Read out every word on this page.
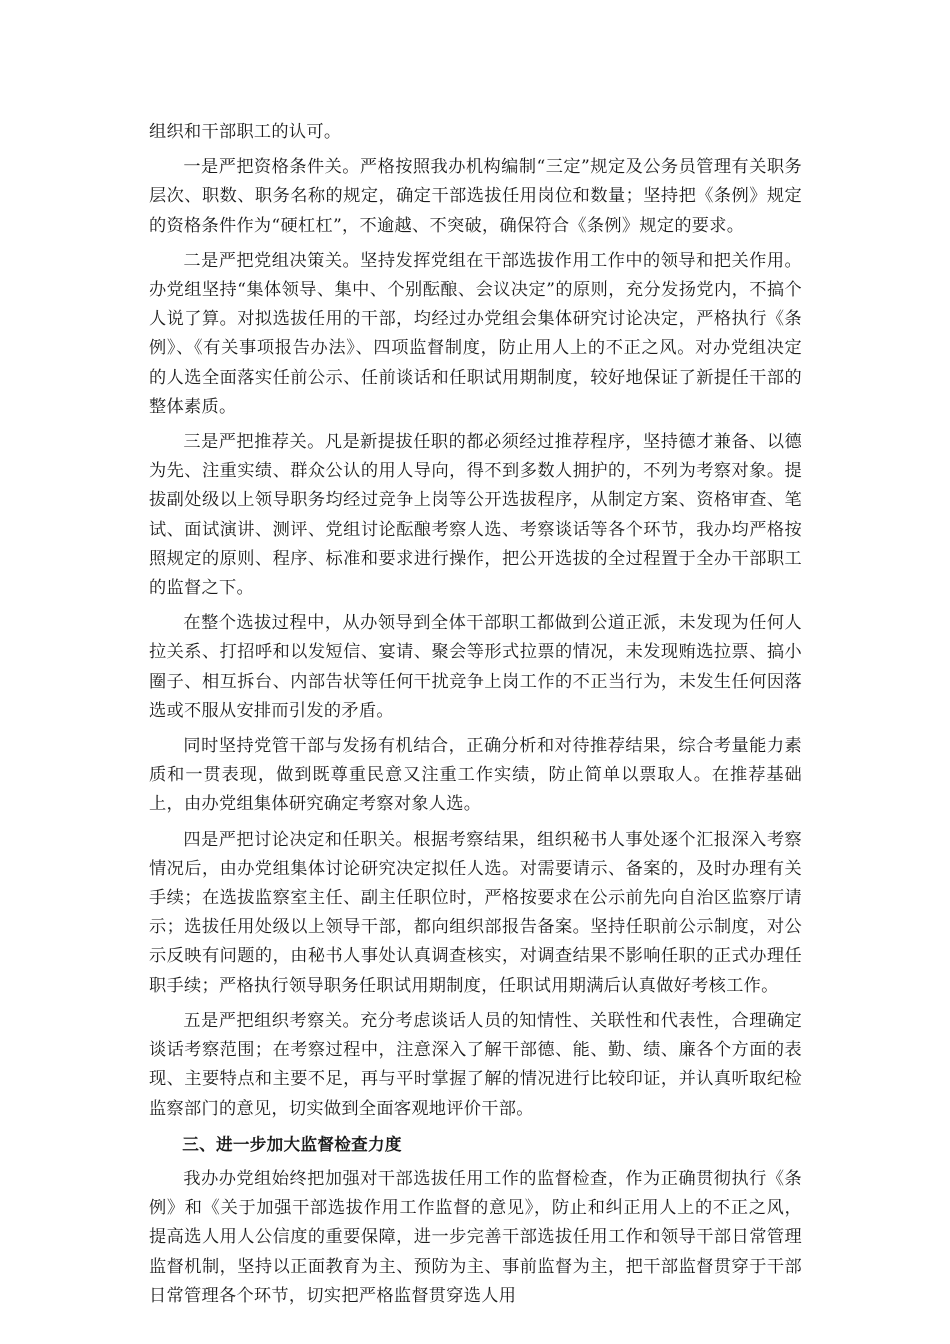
组织和干部职工的认可。

一是严把资格条件关。严格按照我办机构编制“三定”规定及公务员管理有关职务层次、职数、职务名称的规定，确定干部选拔任用岗位和数量；坚持把《条例》规定的资格条件作为“硬杠杠”，不逾越、不突破，确保符合《条例》规定的要求。

二是严把党组决策关。坚持发挥党组在干部选拔作用工作中的领导和把关作用。办党组坚持“集体领导、集中、个别酝酿、会议决定”的原则，充分发扬党内，不搞个人说了算。对拟选拔任用的干部，均经过办党组会集体研究讨论决定，严格执行《条例》、《有关事项报告办法》、四项监督制度，防止用人上的不正之风。对办党组决定的人选全面落实任前公示、任前谈话和任职试用期制度，较好地保证了新提任干部的整体素质。

三是严把推荐关。凡是新提拔任职的都必须经过推荐程序，坚持德才兼备、以德为先、注重实绩、群众公认的用人导向，得不到多数人拥护的，不列为考察对象。提拔副处级以上领导职务均经过竞争上岗等公开选拔程序，从制定方案、资格审查、笔试、面试演讲、测评、党组讨论酝酿考察人选、考察谈话等各个环节，我办均严格按照规定的原则、程序、标准和要求进行操作，把公开选拔的全过程置于全办干部职工的监督之下。

在整个选拔过程中，从办领导到全体干部职工都做到公道正派，未发现为任何人拉关系、打招呼和以发短信、宴请、聚会等形式拉票的情况，未发现贿选拉票、搞小圈子、相互拆台、内部告状等任何干扰竞争上岗工作的不正当行为，未发生任何因落选或不服从安排而引发的矛盾。

同时坚持党管干部与发扬有机结合，正确分析和对待推荐结果，综合考量能力素质和一贯表现，做到既尊重民意又注重工作实绩，防止简单以票取人。在推荐基础上，由办党组集体研究确定考察对象人选。

四是严把讨论决定和任职关。根据考察结果，组织秘书人事处逐个汇报深入考察情况后，由办党组集体讨论研究决定拟任人选。对需要请示、备案的，及时办理有关手续；在选拔监察室主任、副主任职位时，严格按要求在公示前先向自治区监察厅请示；选拔任用处级以上领导干部，都向组织部报告备案。坚持任职前公示制度，对公示反映有问题的，由秘书人事处认真调查核实，对调查结果不影响任职的正式办理任职手续；严格执行领导职务任职试用期制度，任职试用期满后认真做好考核工作。

五是严把组织考察关。充分考虑谈话人员的知情性、关联性和代表性，合理确定谈话考察范围；在考察过程中，注意深入了解干部德、能、勤、绩、廉各个方面的表现、主要特点和主要不足，再与平时掌握了解的情况进行比较印证，并认真听取纪检监察部门的意见，切实做到全面客观地评价干部。

三、进一步加大监督检查力度

我办办党组始终把加强对干部选拔任用工作的监督检查，作为正确贯彻执行《条例》和《关于加强干部选拔作用工作监督的意见》，防止和纠正用人上的不正之风，提高选人用人公信度的重要保障，进一步完善干部选拔任用工作和领导干部日常管理监督机制，坚持以正面教育为主、预防为主、事前监督为主，把干部监督贯穿于干部日常管理各个环节，切实把严格监督贯穿选人用
